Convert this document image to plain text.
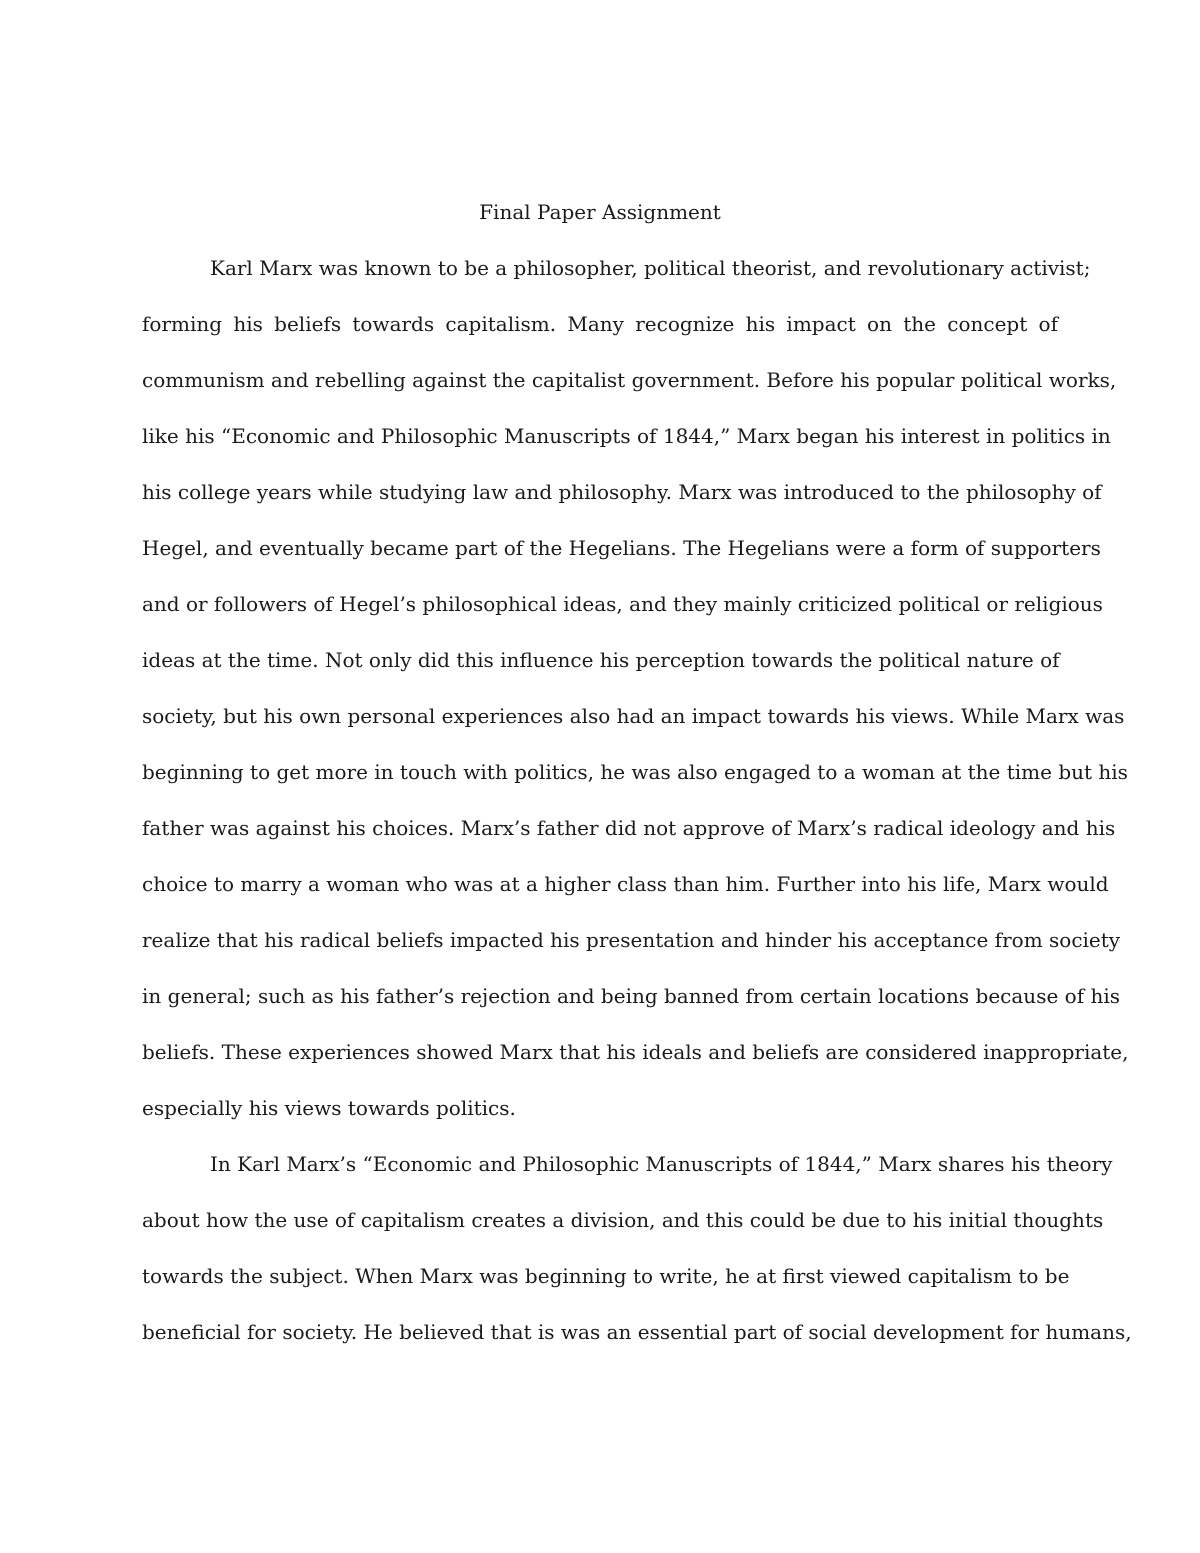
Final Paper Assignment
Karl Marx was known to be a philosopher, political theorist, and revolutionary activist;
forming his beliefs towards capitalism. Many recognize his impact on the concept of
communism and rebelling against the capitalist government. Before his popular political works,
like his “Economic and Philosophic Manuscripts of 1844,” Marx began his interest in politics in
his college years while studying law and philosophy. Marx was introduced to the philosophy of
Hegel, and eventually became part of the Hegelians. The Hegelians were a form of supporters
and or followers of Hegel’s philosophical ideas, and they mainly criticized political or religious
ideas at the time. Not only did this influence his perception towards the political nature of
society, but his own personal experiences also had an impact towards his views. While Marx was
beginning to get more in touch with politics, he was also engaged to a woman at the time but his
father was against his choices. Marx’s father did not approve of Marx’s radical ideology and his
choice to marry a woman who was at a higher class than him. Further into his life, Marx would
realize that his radical beliefs impacted his presentation and hinder his acceptance from society
in general; such as his father’s rejection and being banned from certain locations because of his
beliefs. These experiences showed Marx that his ideals and beliefs are considered inappropriate,
especially his views towards politics.
In Karl Marx’s “Economic and Philosophic Manuscripts of 1844,” Marx shares his theory
about how the use of capitalism creates a division, and this could be due to his initial thoughts
towards the subject. When Marx was beginning to write, he at first viewed capitalism to be
beneficial for society. He believed that is was an essential part of social development for humans,
